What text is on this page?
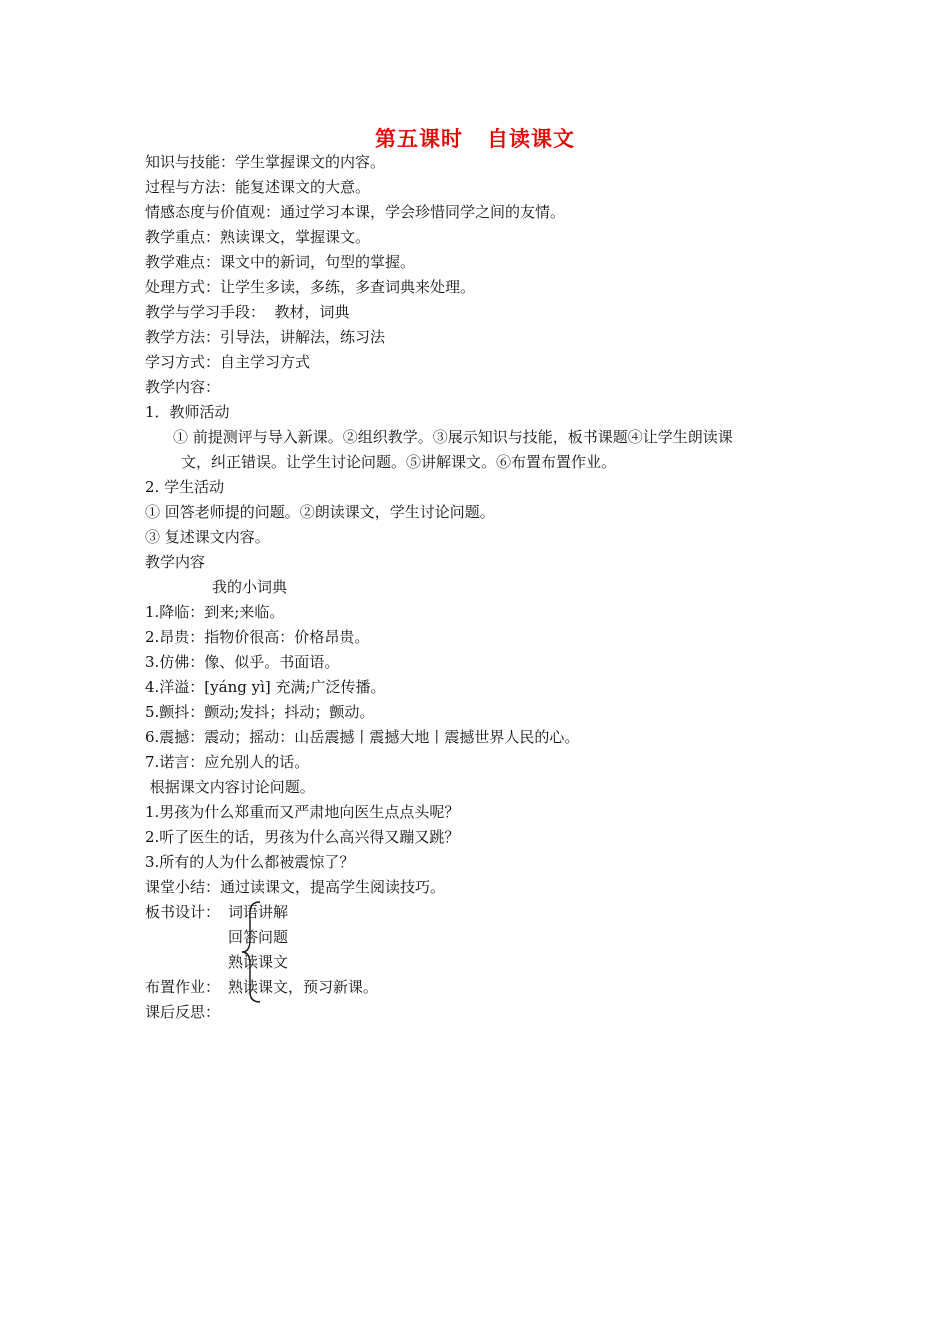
第五课时 自读课文
知识与技能：学生掌握课文的内容。
过程与方法：能复述课文的大意。
情感态度与价值观：通过学习本课，学会珍惜同学之间的友情。
教学重点：熟读课文，掌握课文。
教学难点：课文中的新词，句型的掌握。
处理方式：让学生多读，多练，多查词典来处理。
教学与学习手段：  教材，词典
教学方法：引导法，讲解法，练习法
学习方式：自主学习方式
教学内容：
1．教师活动
① 前提测评与导入新课。②组织教学。③展示知识与技能，板书课题④让学生朗读课
文，纠正错误。让学生讨论问题。⑤讲解课文。⑥布置布置作业。
2. 学生活动
① 回答老师提的问题。②朗读课文，学生讨论问题。
③ 复述课文内容。
教学内容
我的小词典
1.降临：到来;来临。
2.昂贵：指物价很高：价格昂贵。
3.仿佛：像、似乎。书面语。
4.洋溢：[yáng yì] 充满;广泛传播。
5.颤抖：颤动;发抖；抖动；颤动。
6.震撼：震动；摇动：山岳震撼丨震撼大地丨震撼世界人民的心。
7.诺言：应允别人的话。
根据课文内容讨论问题。
1.男孩为什么郑重而又严肃地向医生点点头呢？
2.听了医生的话，男孩为什么高兴得又蹦又跳？
3.所有的人为什么都被震惊了？
课堂小结：通过读课文，提高学生阅读技巧。
板书设计： 词语讲解
回答问题
熟读课文
布置作业： 熟读课文，预习新课。
课后反思：
